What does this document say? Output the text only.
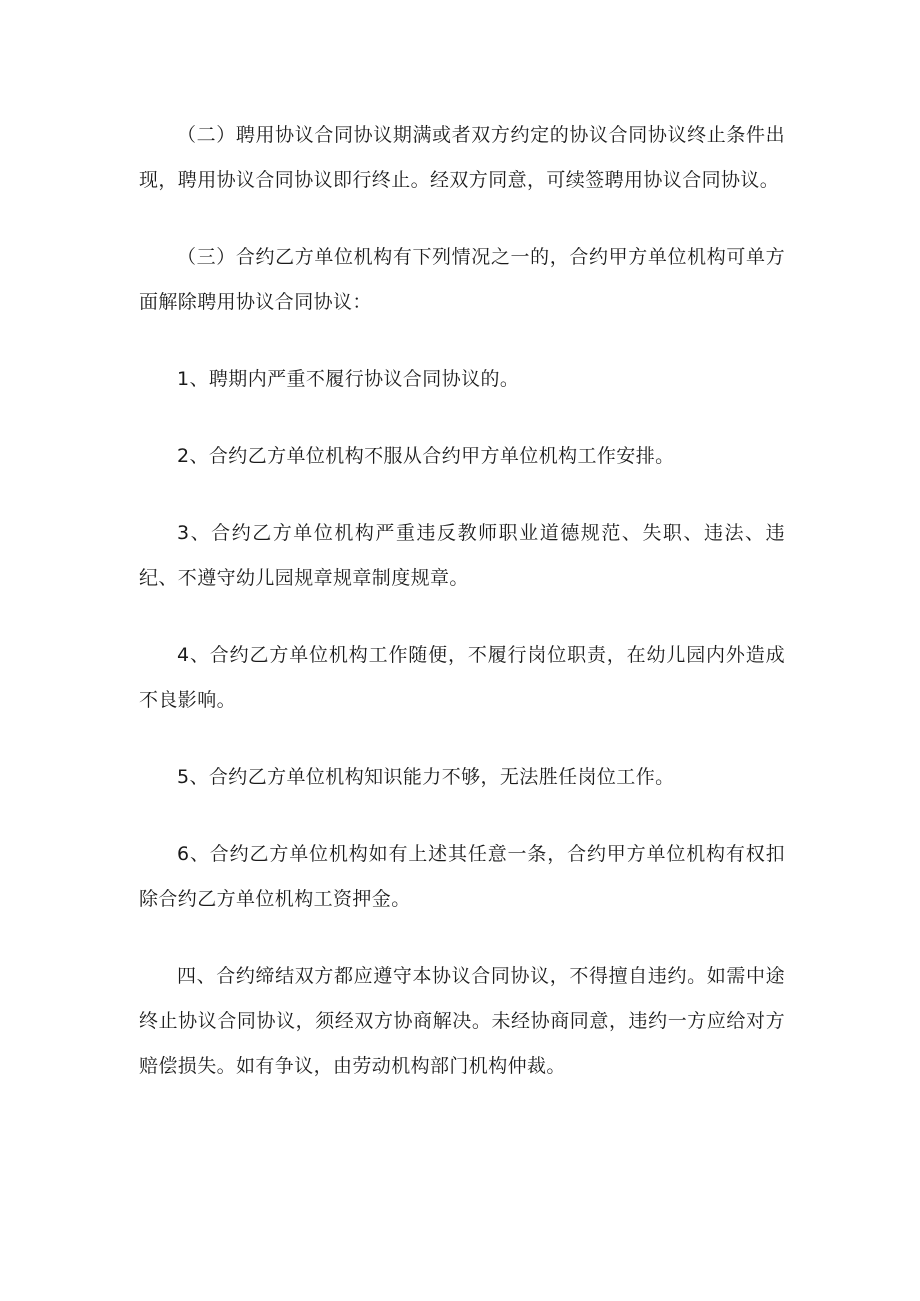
（二）聘用协议合同协议期满或者双方约定的协议合同协议终止条件出现，聘用协议合同协议即行终止。经双方同意，可续签聘用协议合同协议。

（三）合约乙方单位机构有下列情况之一的，合约甲方单位机构可单方面解除聘用协议合同协议：

1、聘期内严重不履行协议合同协议的。

2、合约乙方单位机构不服从合约甲方单位机构工作安排。

3、合约乙方单位机构严重违反教师职业道德规范、失职、违法、违纪、不遵守幼儿园规章规章制度规章。

4、合约乙方单位机构工作随便，不履行岗位职责，在幼儿园内外造成不良影响。

5、合约乙方单位机构知识能力不够，无法胜任岗位工作。

6、合约乙方单位机构如有上述其任意一条，合约甲方单位机构有权扣除合约乙方单位机构工资押金。

四、合约缔结双方都应遵守本协议合同协议，不得擅自违约。如需中途终止协议合同协议，须经双方协商解决。未经协商同意，违约一方应给对方赔偿损失。如有争议，由劳动机构部门机构仲裁。
